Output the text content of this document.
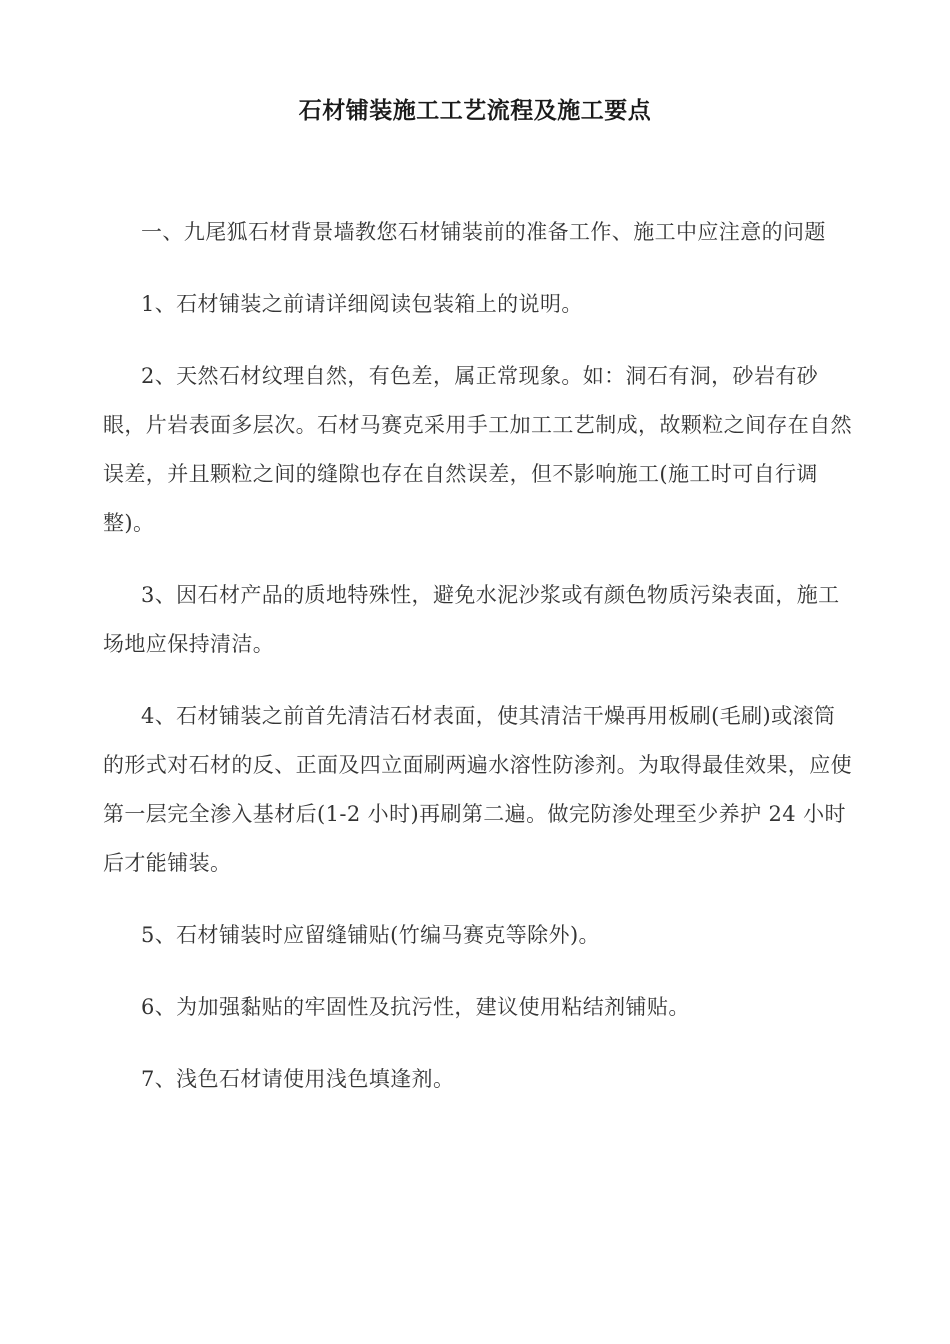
石材铺装施工工艺流程及施工要点

一、九尾狐石材背景墙教您石材铺装前的准备工作、施工中应注意的问题

1、石材铺装之前请详细阅读包装箱上的说明。

2、天然石材纹理自然，有色差，属正常现象。如：洞石有洞，砂岩有砂眼，片岩表面多层次。石材马赛克采用手工加工工艺制成，故颗粒之间存在自然误差，并且颗粒之间的缝隙也存在自然误差，但不影响施工(施工时可自行调整)。

3、因石材产品的质地特殊性，避免水泥沙浆或有颜色物质污染表面，施工场地应保持清洁。

4、石材铺装之前首先清洁石材表面，使其清洁干燥再用板刷(毛刷)或滚筒的形式对石材的反、正面及四立面刷两遍水溶性防渗剂。为取得最佳效果，应使第一层完全渗入基材后(1-2 小时)再刷第二遍。做完防渗处理至少养护 24 小时后才能铺装。

5、石材铺装时应留缝铺贴(竹编马赛克等除外)。

6、为加强黏贴的牢固性及抗污性，建议使用粘结剂铺贴。

7、浅色石材请使用浅色填逢剂。
